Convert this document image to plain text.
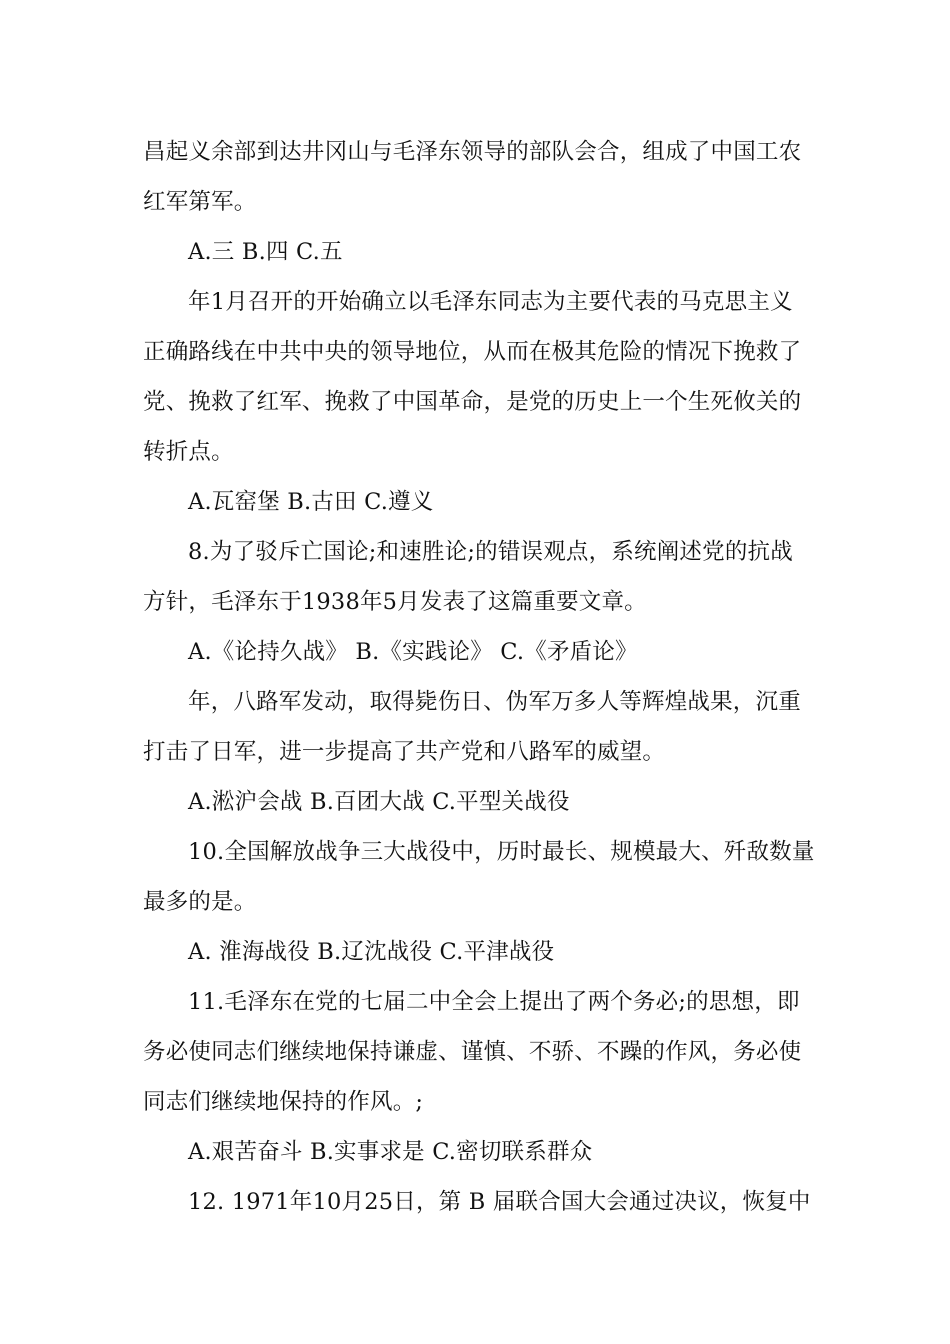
昌起义余部到达井冈山与毛泽东领导的部队会合，组成了中国工农
红军第军。
A.三 B.四 C.五
年1月召开的开始确立以毛泽东同志为主要代表的马克思主义
正确路线在中共中央的领导地位，从而在极其危险的情况下挽救了
党、挽救了红军、挽救了中国革命，是党的历史上一个生死攸关的
转折点。
A.瓦窑堡 B.古田 C.遵义
8.为了驳斥亡国论;和速胜论;的错误观点，系统阐述党的抗战
方针，毛泽东于1938年5月发表了这篇重要文章。
A.《论持久战》 B.《实践论》 C.《矛盾论》
年，八路军发动，取得毙伤日、伪军万多人等辉煌战果，沉重
打击了日军，进一步提高了共产党和八路军的威望。
A.淞沪会战 B.百团大战 C.平型关战役
10.全国解放战争三大战役中，历时最长、规模最大、歼敌数量
最多的是。
A. 淮海战役 B.辽沈战役 C.平津战役
11.毛泽东在党的七届二中全会上提出了两个务必;的思想，即
务必使同志们继续地保持谦虚、谨慎、不骄、不躁的作风，务必使
同志们继续地保持的作风。;
A.艰苦奋斗 B.实事求是 C.密切联系群众
12. 1971年10月25日，第 B 届联合国大会通过决议，恢复中
